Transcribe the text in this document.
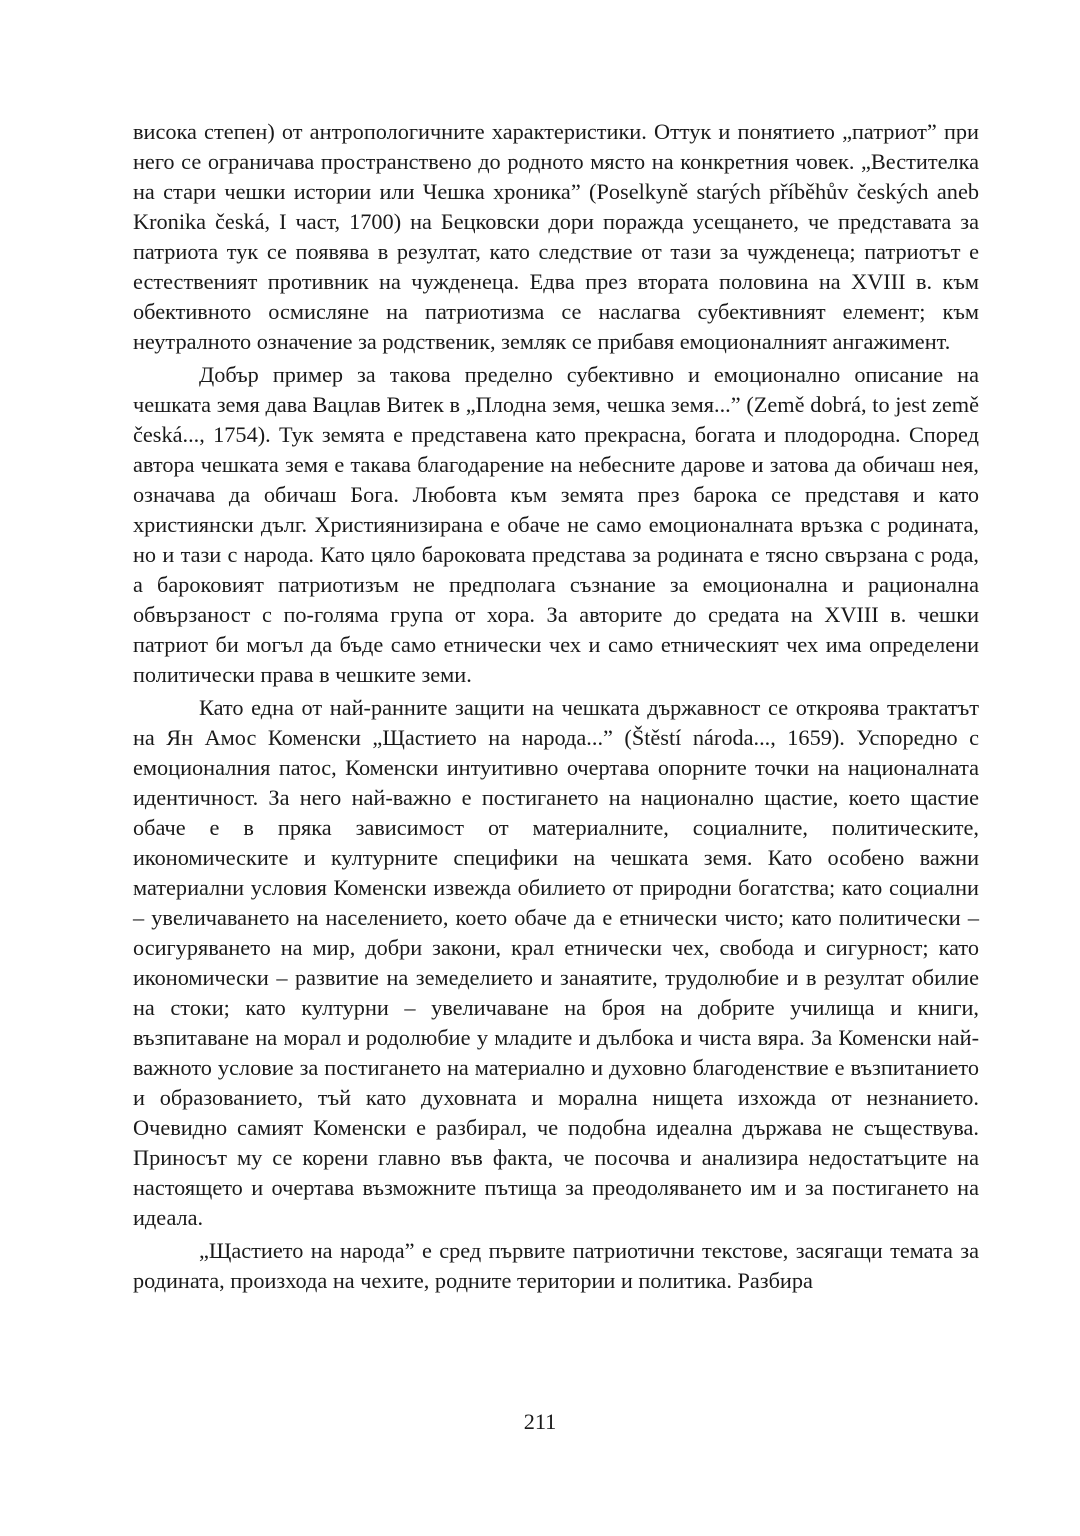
висока степен) от антропологичните характеристики. Оттук и понятието „патриот” при него се ограничава пространствено до родното място на конкретния човек. „Вестителка на стари чешки истории или Чешка хроника” (Poselkyně starých příběhův českých aneb Kronika česká, I част, 1700) на Бецковски дори поражда усещането, че представата за патриота тук се появява в резултат, като следствие от тази за чужденеца; патриотът е естественият противник на чужденеца. Едва през втората половина на XVIII в. към обективното осмисляне на патриотизма се наслагва субективният елемент; към неутралното означение за родственик, земляк се прибавя емоционалният ангажимент.

Добър пример за такова пределно субективно и емоционално описание на чешката земя дава Вацлав Витек в „Плодна земя, чешка земя...” (Země dobrá, to jest země česká..., 1754). Тук земята е представена като прекрасна, богата и плодородна. Според автора чешката земя е такава благодарение на небесните дарове и затова да обичаш нея, означава да обичаш Бога. Любовта към земята през барока се представя и като християнски дълг. Християнизирана е обаче не само емоционалната връзка с родината, но и тази с народа. Като цяло бароковата представа за родината е тясно свързана с рода, а бароковият патриотизъм не предполага съзнание за емоционална и рационална обвързаност с по-голяма група от хора. За авторите до средата на XVIII в. чешки патриот би могъл да бъде само етнически чех и само етническият чех има определени политически права в чешките земи.

Като една от най-ранните защити на чешката държавност се откроява трактатът на Ян Амос Коменски „Щастието на народа...” (Štěstí národa..., 1659). Успоредно с емоционалния патос, Коменски интуитивно очертава опорните точки на националната идентичност. За него най-важно е постигането на национално щастие, което щастие обаче е в пряка зависимост от материалните, социалните, политическите, икономическите и културните специфики на чешката земя. Като особено важни материални условия Коменски извежда обилието от природни богатства; като социални – увеличаването на населението, което обаче да е етнически чисто; като политически – осигуряването на мир, добри закони, крал етнически чех, свобода и сигурност; като икономически – развитие на земеделието и занаятите, трудолюбие и в резултат обилие на стоки; като културни – увеличаване на броя на добрите училища и книги, възпитаване на морал и родолюбие у младите и дълбока и чиста вяра. За Коменски най-важното условие за постигането на материално и духовно благоденствие е възпитанието и образованието, тъй като духовната и морална нищета изхожда от незнанието. Очевидно самият Коменски е разбирал, че подобна идеална държава не съществува. Приносът му се корени главно във факта, че посочва и анализира недостатъците на настоящето и очертава възможните пътища за преодоляването им и за постигането на идеала.

„Щастието на народа” е сред първите патриотични текстове, засягащи темата за родината, произхода на чехите, родните територии и политика. Разбира

211
